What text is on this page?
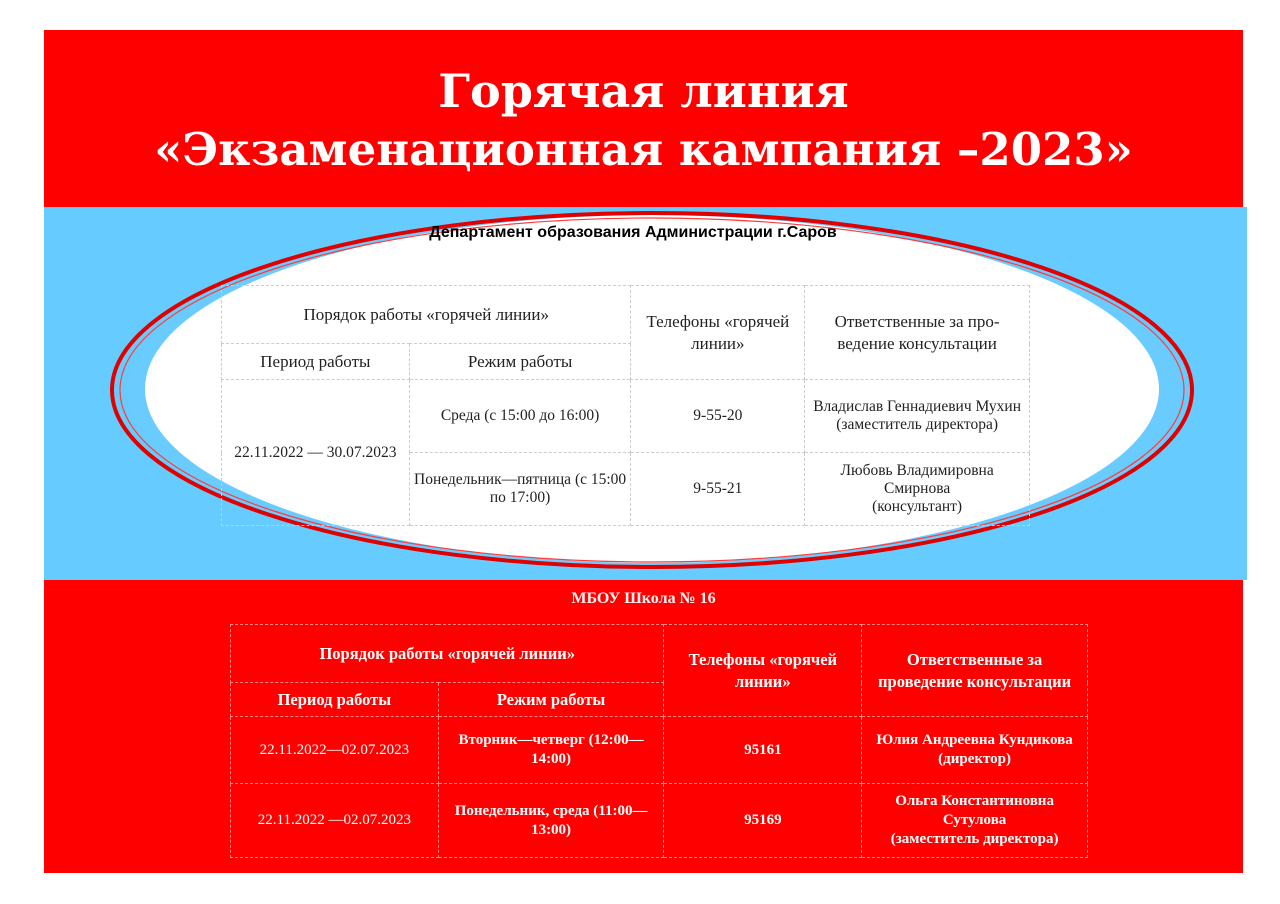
Горячая линия
«Экзаменационная кампания –2023»
Департамент образования Администрации г.Саров
Порядок работы «горячей линии»		Телефоны «горячей линии»	Ответственные за про-ведение консультации
Период работы	Режим работы		
22.11.2022 — 30.07.2023	Среда (с 15:00 до 16:00)	9-55-20	Владислав Геннадиевич Мухин
(заместитель директора)

	Понедельник—пятница (с 15:00 по 17:00)	9-55-21	Любовь Владимировна Смирнова
(консультант)
МБОУ Школа № 16
Порядок работы «горячей линии»		Телефоны «горячей линии»	Ответственные за проведение консультации
Период работы	Режим работы		
22.11.2022—02.07.2023	Вторник—четверг (12:00—14:00)	95161	Юлия Андреевна Кундикова
(директор)

22.11.2022 —02.07.2023	Понедельник, среда (11:00—13:00)	95169	Ольга Константиновна Сутулова
(заместитель директора)
